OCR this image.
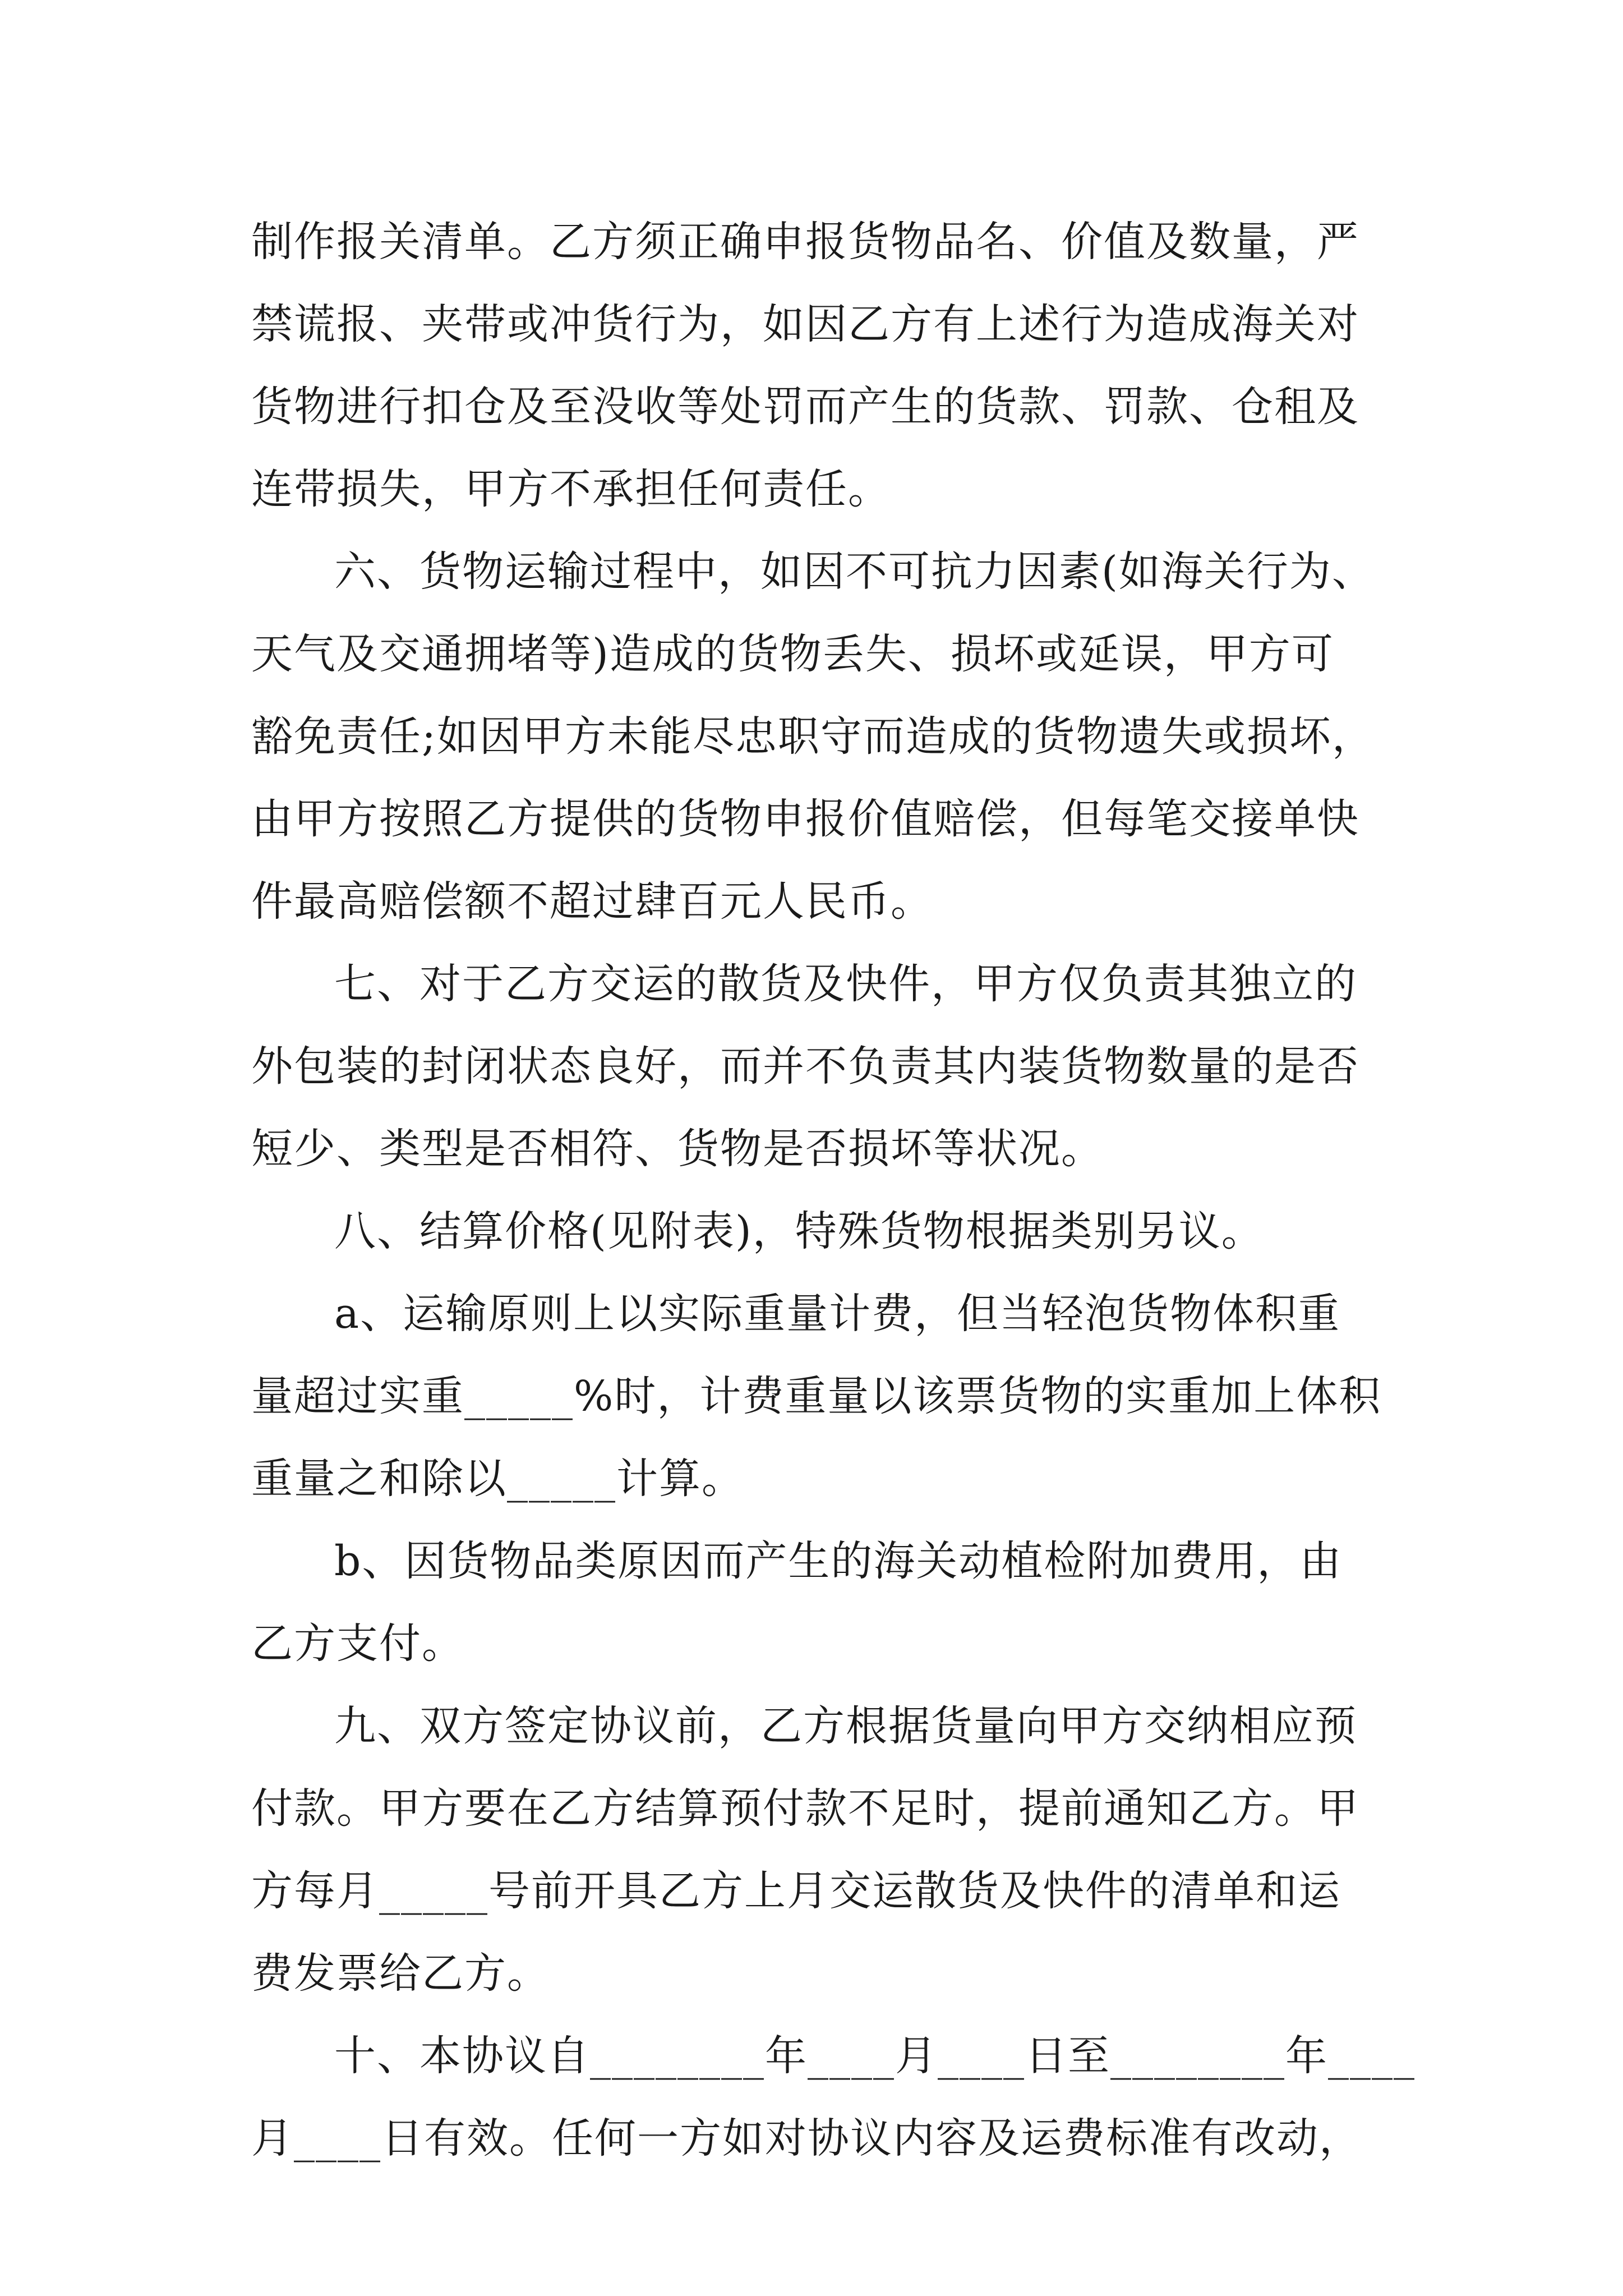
制作报关清单。乙方须正确申报货物品名、价值及数量，严
禁谎报、夹带或冲货行为，如因乙方有上述行为造成海关对
货物进行扣仓及至没收等处罚而产生的货款、罚款、仓租及
连带损失，甲方不承担任何责任。
六、货物运输过程中，如因不可抗力因素(如海关行为、
天气及交通拥堵等)造成的货物丢失、损坏或延误，甲方可
豁免责任;如因甲方未能尽忠职守而造成的货物遗失或损坏，
由甲方按照乙方提供的货物申报价值赔偿，但每笔交接单快
件最高赔偿额不超过肆百元人民币。
七、对于乙方交运的散货及快件，甲方仅负责其独立的
外包装的封闭状态良好，而并不负责其内装货物数量的是否
短少、类型是否相符、货物是否损坏等状况。
八、结算价格(见附表)，特殊货物根据类别另议。
a、运输原则上以实际重量计费，但当轻泡货物体积重
量超过实重_____%时，计费重量以该票货物的实重加上体积
重量之和除以_____计算。
b、因货物品类原因而产生的海关动植检附加费用，由
乙方支付。
九、双方签定协议前，乙方根据货量向甲方交纳相应预
付款。甲方要在乙方结算预付款不足时，提前通知乙方。甲
方每月_____号前开具乙方上月交运散货及快件的清单和运
费发票给乙方。
十、本协议自________年____月____日至________年____
月____日有效。任何一方如对协议内容及运费标准有改动，
